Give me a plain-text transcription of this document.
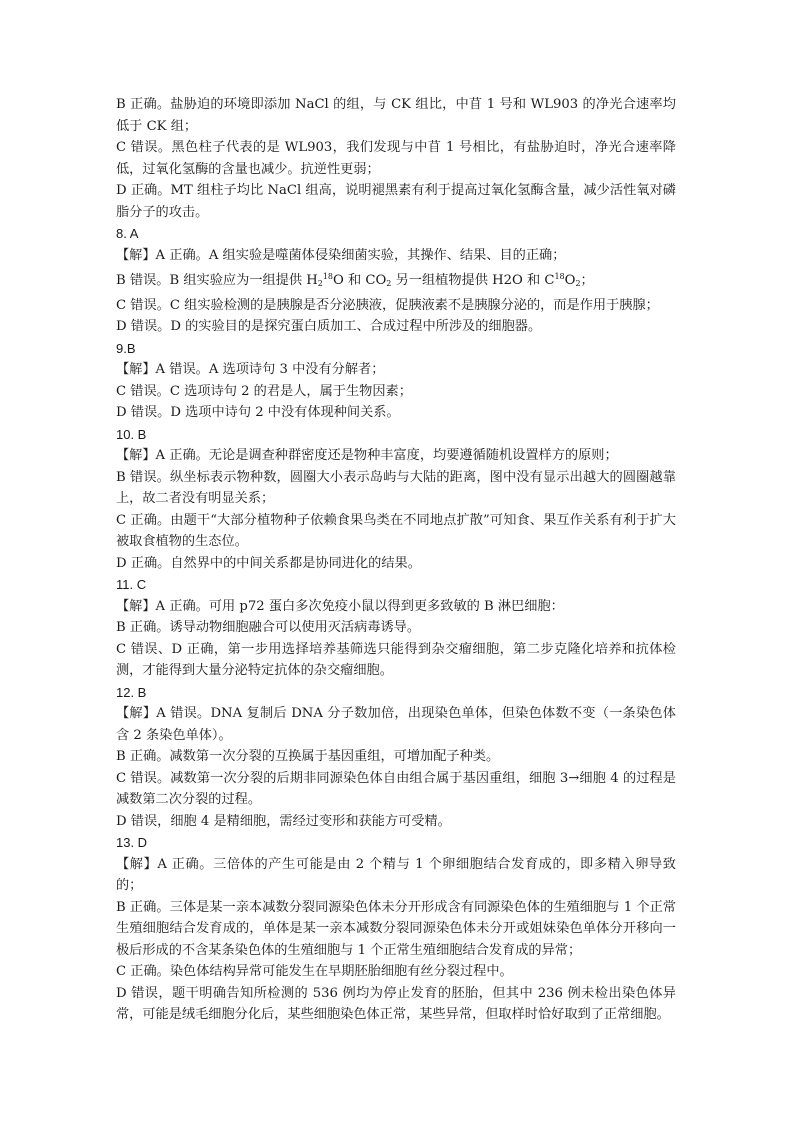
B 正确。盐胁迫的环境即添加 NaCl 的组，与 CK 组比，中苜 1 号和 WL903 的净光合速率均低于 CK 组；

C 错误。黑色柱子代表的是 WL903，我们发现与中苜 1 号相比，有盐胁迫时，净光合速率降低，过氧化氢酶的含量也减少。抗逆性更弱；

D 正确。MT 组柱子均比 NaCl 组高，说明褪黑素有利于提高过氧化氢酶含量，减少活性氧对磷脂分子的攻击。

8. A

【解】A 正确。A 组实验是噬菌体侵染细菌实验，其操作、结果、目的正确；

B 错误。B 组实验应为一组提供 $H_2^{18}O$ 和 $CO_2$ 另一组植物提供 H2O 和 $C^{18}O_2$；

C 错误。C 组实验检测的是胰腺是否分泌胰液，促胰液素不是胰腺分泌的，而是作用于胰腺；

D 错误。D 的实验目的是探究蛋白质加工、合成过程中所涉及的细胞器。

9.B

【解】A 错误。A 选项诗句 3 中没有分解者；

C 错误。C 选项诗句 2 的君是人，属于生物因素；

D 错误。D 选项中诗句 2 中没有体现种间关系。

10. B

【解】A 正确。无论是调查种群密度还是物种丰富度，均要遵循随机设置样方的原则；

B 错误。纵坐标表示物种数，圆圈大小表示岛屿与大陆的距离，图中没有显示出越大的圆圈越靠上，故二者没有明显关系；

C 正确。由题干“大部分植物种子依赖食果鸟类在不同地点扩散”可知食、果互作关系有利于扩大被取食植物的生态位。

D 正确。自然界中的中间关系都是协同进化的结果。

11. C

【解】A 正确。可用 p72 蛋白多次免疫小鼠以得到更多致敏的 B 淋巴细胞：

B 正确。诱导动物细胞融合可以使用灭活病毒诱导。

C 错误、D 正确，第一步用选择培养基筛选只能得到杂交瘤细胞，第二步克隆化培养和抗体检测，才能得到大量分泌特定抗体的杂交瘤细胞。

12. B

【解】A 错误。DNA 复制后 DNA 分子数加倍，出现染色单体，但染色体数不变（一条染色体含 2 条染色单体）。

B 正确。减数第一次分裂的互换属于基因重组，可增加配子种类。

C 错误。减数第一次分裂的后期非同源染色体自由组合属于基因重组，细胞 3→细胞 4 的过程是减数第二次分裂的过程。

D 错误，细胞 4 是精细胞，需经过变形和获能方可受精。

13. D

【解】A 正确。三倍体的产生可能是由 2 个精与 1 个卵细胞结合发育成的，即多精入卵导致的；

B 正确。三体是某一亲本减数分裂同源染色体未分开形成含有同源染色体的生殖细胞与 1 个正常生殖细胞结合发育成的，单体是某一亲本减数分裂同源染色体未分开或姐妹染色单体分开移向一极后形成的不含某条染色体的生殖细胞与 1 个正常生殖细胞结合发育成的异常；

C 正确。染色体结构异常可能发生在早期胚胎细胞有丝分裂过程中。

D 错误，题干明确告知所检测的 536 例均为停止发育的胚胎，但其中 236 例未检出染色体异常，可能是绒毛细胞分化后，某些细胞染色体正常，某些异常，但取样时恰好取到了正常细胞。
